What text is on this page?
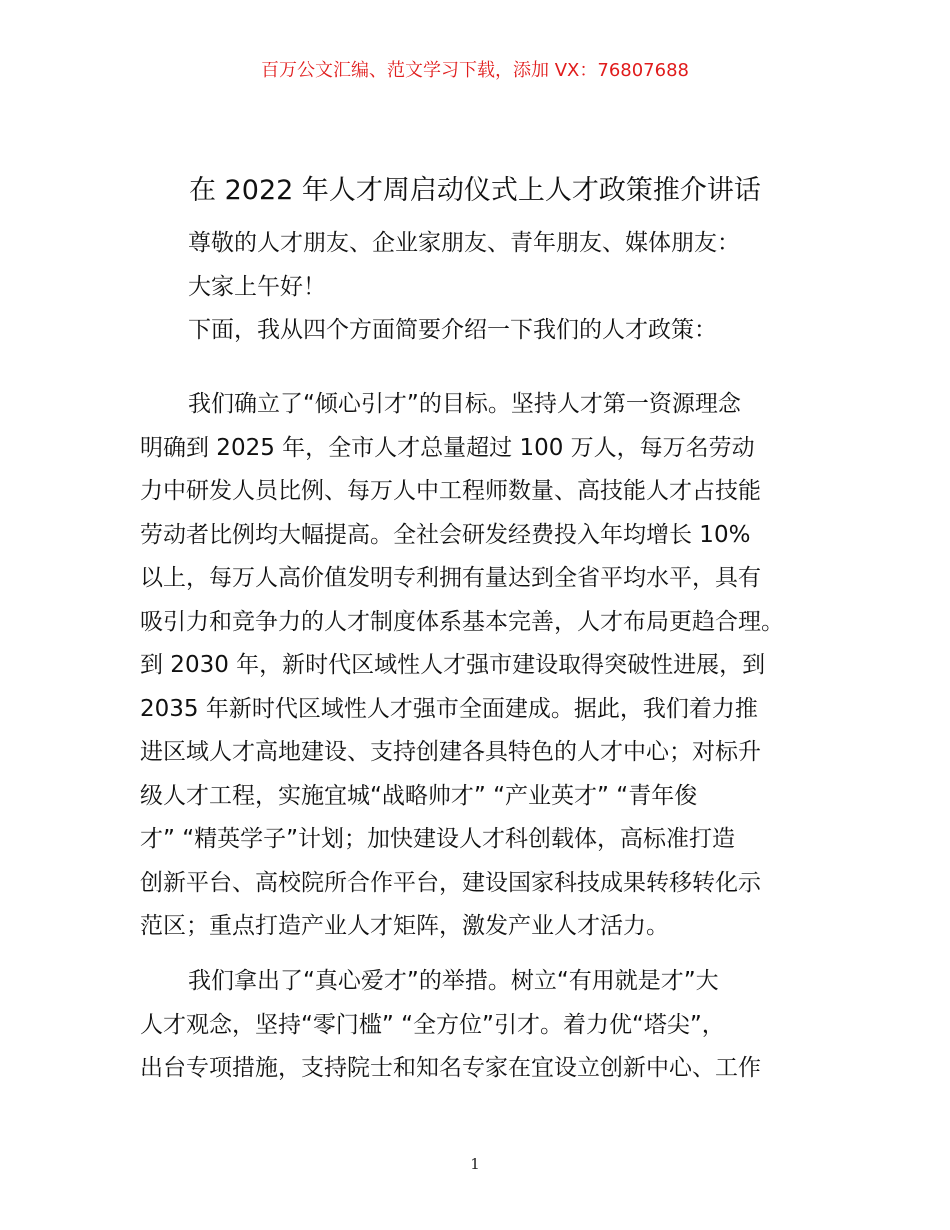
百万公文汇编、范文学习下载，添加 VX：76807688
在 2022 年人才周启动仪式上人才政策推介讲话
尊敬的人才朋友、企业家朋友、青年朋友、媒体朋友：
大家上午好！
下面，我从四个方面简要介绍一下我们的人才政策：
我们确立了“倾心引才”的目标。坚持人才第一资源理念
明确到 2025 年，全市人才总量超过 100 万人，每万名劳动
力中研发人员比例、每万人中工程师数量、高技能人才占技能
劳动者比例均大幅提高。全社会研发经费投入年均增长 10%
以上，每万人高价值发明专利拥有量达到全省平均水平，具有
吸引力和竞争力的人才制度体系基本完善，人才布局更趋合理。
到 2030 年，新时代区域性人才强市建设取得突破性进展，到
2035 年新时代区域性人才强市全面建成。据此，我们着力推
进区域人才高地建设、支持创建各具特色的人才中心；对标升
级人才工程，实施宜城“战略帅才” “产业英才” “青年俊
才” “精英学子”计划；加快建设人才科创载体，高标准打造
创新平台、高校院所合作平台，建设国家科技成果转移转化示
范区；重点打造产业人才矩阵，激发产业人才活力。
我们拿出了“真心爱才”的举措。树立“有用就是才”大
人才观念，坚持“零门槛” “全方位”引才。着力优“塔尖”，
出台专项措施，支持院士和知名专家在宜设立创新中心、工作
1
